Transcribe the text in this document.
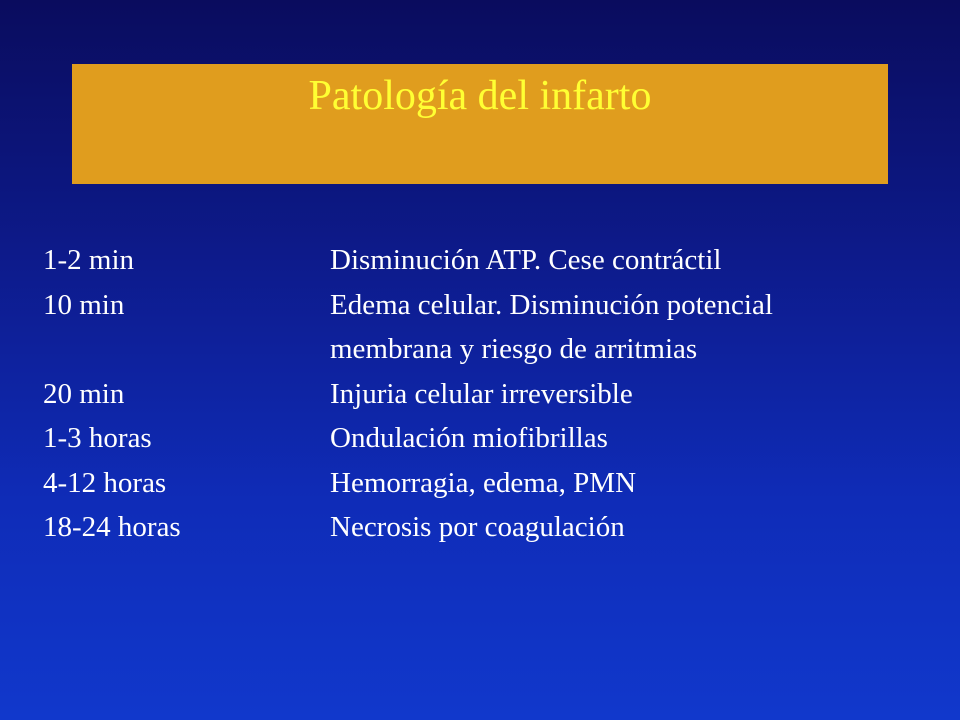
Patología del infarto
1-2 min	Disminución ATP. Cese contráctil
10 min	Edema celular. Disminución potencial
membrana y riesgo de arritmias
20 min	Injuria celular irreversible
1-3 horas	Ondulación miofibrillas
4-12 horas	Hemorragia, edema, PMN
18-24 horas	Necrosis por coagulación
